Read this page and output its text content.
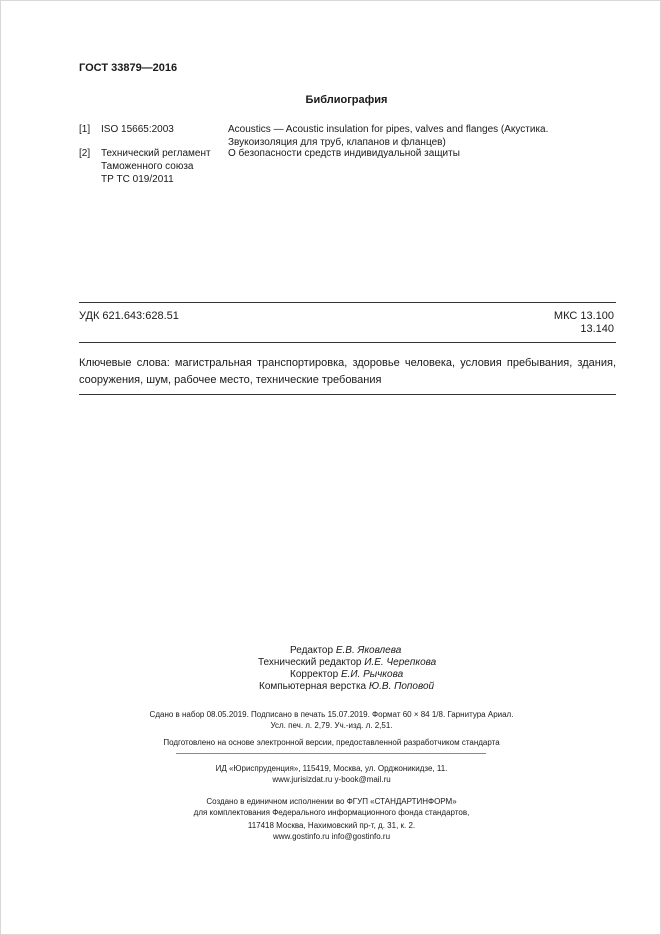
ГОСТ 33879—2016
Библиография
[1] ISO 15665:2003	Acoustics — Acoustic insulation for pipes, valves and flanges (Акустика. Звукоизоляция для труб, клапанов и фланцев)
[2] Технический регламент
Таможенного союза
ТР ТС 019/2011
О безопасности средств индивидуальной защиты
УДК 621.643:628.51	МКС 13.100
13.140
Ключевые слова: магистральная транспортировка, здоровье человека, условия пребывания, здания, сооружения, шум, рабочее место, технические требования
Редактор Е.В. Яковлева
Технический редактор И.Е. Черепкова
Корректор Е.И. Рычкова
Компьютерная верстка Ю.В. Поповой
Сдано в набор 08.05.2019. Подписано в печать 15.07.2019. Формат 60 × 84 1/8. Гарнитура Ариал.
Усл. печ. л. 2,79. Уч.-изд. л. 2,51.
Подготовлено на основе электронной версии, предоставленной разработчиком стандарта
ИД «Юриспруденция», 115419, Москва, ул. Орджоникидзе, 11.
www.jurisizdat.ru y-book@mail.ru
Создано в единичном исполнении во ФГУП «СТАНДАРТИНФОРМ»
для комплектования Федерального информационного фонда стандартов,
117418 Москва, Нахимовский пр-т, д. 31, к. 2.
www.gostinfo.ru info@gostinfo.ru
